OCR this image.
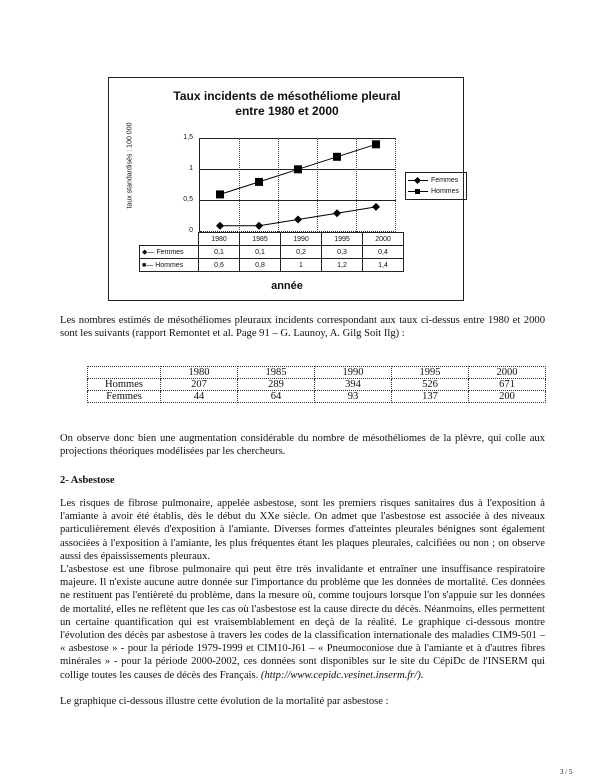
Taux incidents de mésothéliome pleural
entre 1980 et 2000
taux standardisés : 100 000	1,5
1
0,5
0
Femmes
Hommes
	1980	1985	1990	1995	2000
◆— Femmes	0,1	0,1	0,2	0,3	0,4
■— Hommes	0,6	0,8	1	1,2	1,4
année
Les nombres estimés de mésothéliomes pleuraux incidents correspondant aux taux ci-dessus entre 1980 et 2000 sont les suivants (rapport Remontet et al. Page 91 – G. Launoy, A. Gilg Soit Ilg) :
	1980	1985	1990	1995	2000
Hommes	207	289	394	526	671
Femmes	44	64	93	137	200
On observe donc bien une augmentation considérable du nombre de mésothéliomes de la plèvre, qui colle aux projections théoriques modélisées par les chercheurs.
2- Asbestose
Les risques de fibrose pulmonaire, appelée asbestose, sont les premiers risques sanitaires dus à l'exposition à l'amiante à avoir été établis, dès le début du XXe siècle. On admet que l'asbestose est associée à des niveaux particulièrement élevés d'exposition à l'amiante. Diverses formes d'atteintes pleurales bénignes sont également associées à l'exposition à l'amiante, les plus fréquentes étant les plaques pleurales, calcifiées ou non ; on observe aussi des épaississements pleuraux.
L'asbestose est une fibrose pulmonaire qui peut être très invalidante et entraîner une insuffisance respiratoire majeure. Il n'existe aucune autre donnée sur l'importance du problème que les données de mortalité. Ces données ne restituent pas l'entièreté du problème, dans la mesure où, comme toujours lorsque l'on s'appuie sur les données de mortalité, elles ne reflètent que les cas où l'asbestose est la cause directe du décès. Néanmoins, elles permettent un certaine quantification qui est vraisemblablement en deçà de la réalité. Le graphique ci-dessous montre l'évolution des décès par asbestose à travers les codes de la classification internationale des maladies CIM9-501 – « asbestose » - pour la période 1979-1999 et CIM10-J61 – « Pneumoconiose due à l'amiante et à d'autres fibres minérales » - pour la période 2000-2002, ces données sont disponibles sur le site du CépiDc de l'INSERM qui collige toutes les causes de décès des Français. (http://www.cepidc.vesinet.inserm.fr/).
Le graphique ci-dessous illustre cette évolution de la mortalité par asbestose :
3 / 5
